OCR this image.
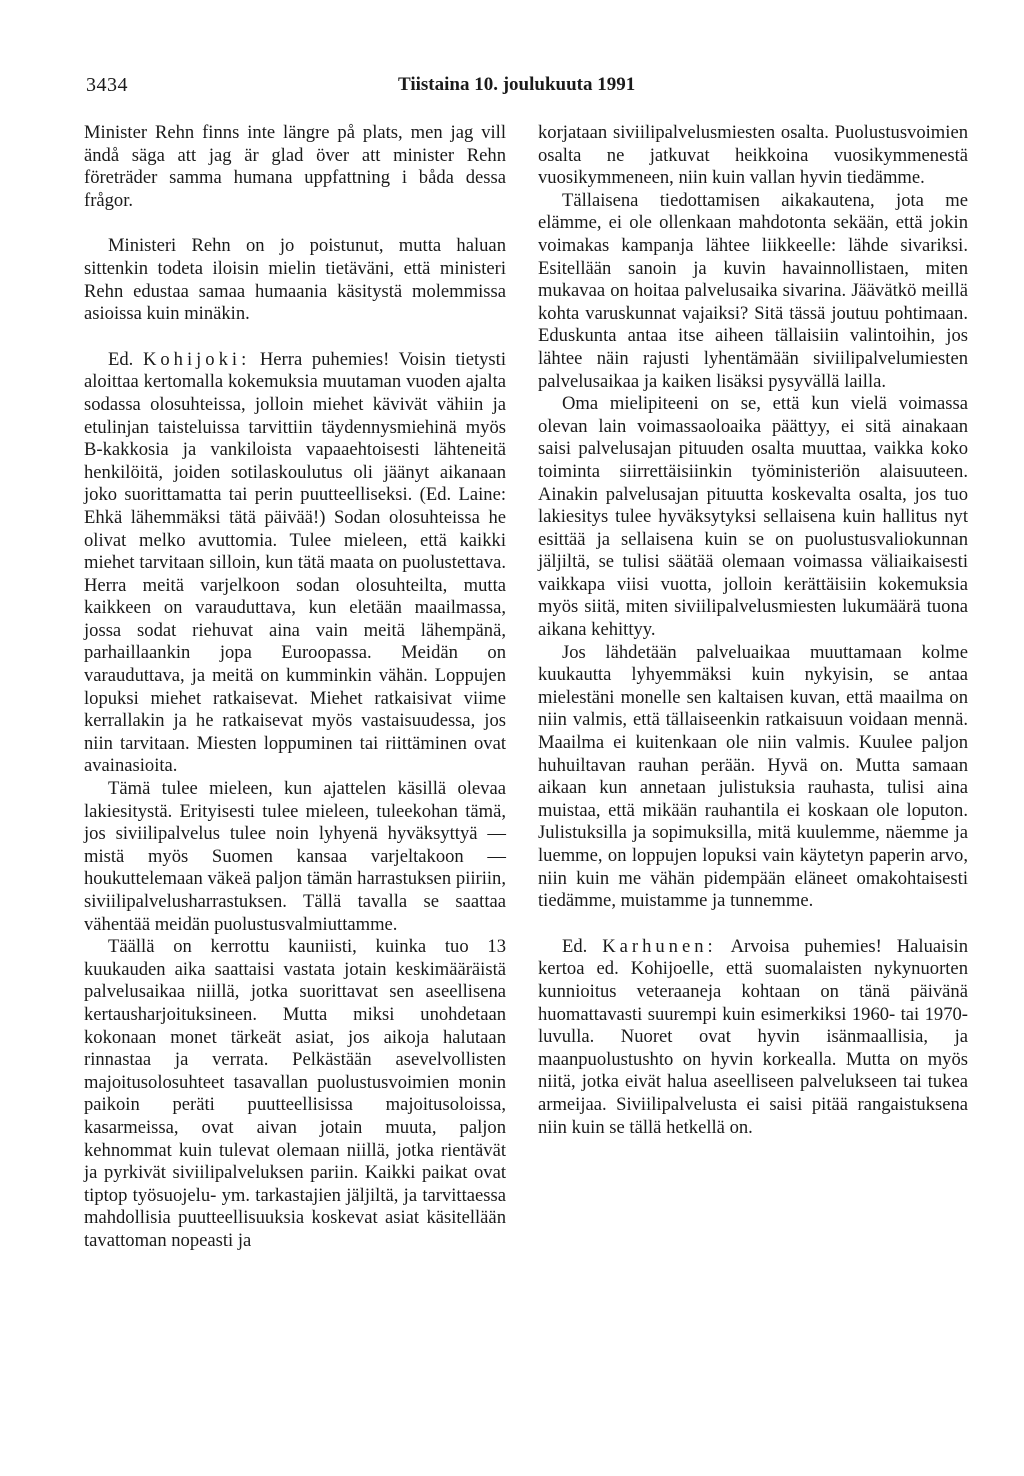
3434	Tiistaina 10. joulukuuta 1991

Minister Rehn finns inte längre på plats, men jag vill ändå säga att jag är glad över att minister Rehn företräder samma humana uppfattning i båda dessa frågor.

Ministeri Rehn on jo poistunut, mutta haluan sittenkin todeta iloisin mielin tietäväni, että ministeri Rehn edustaa samaa humaania käsitystä molemmissa asioissa kuin minäkin.

Ed. Kohijoki: Herra puhemies! Voisin tietysti aloittaa kertomalla kokemuksia muutaman vuoden ajalta sodassa olosuhteissa, jolloin miehet kävivät vähiin ja etulinjan taisteluissa tarvittiin täydennysmiehinä myös B-kakkosia ja vankiloista vapaaehtoisesti lähteneitä henkilöitä, joiden sotilaskoulutus oli jäänyt aikanaan joko suorittamatta tai perin puutteelliseksi. (Ed. Laine: Ehkä lähemmäksi tätä päivää!) Sodan olosuhteissa he olivat melko avuttomia. Tulee mieleen, että kaikki miehet tarvitaan silloin, kun tätä maata on puolustettava. Herra meitä varjelkoon sodan olosuhteilta, mutta kaikkeen on varauduttava, kun eletään maailmassa, jossa sodat riehuvat aina vain meitä lähempänä, parhaillaankin jopa Euroopassa. Meidän on varauduttava, ja meitä on kumminkin vähän. Loppujen lopuksi miehet ratkaisevat. Miehet ratkaisivat viime kerrallakin ja he ratkaisevat myös vastaisuudessa, jos niin tarvitaan. Miesten loppuminen tai riittäminen ovat avainasioita.

Tämä tulee mieleen, kun ajattelen käsillä olevaa lakiesitystä. Erityisesti tulee mieleen, tuleekohan tämä, jos siviilipalvelus tulee noin lyhyenä hyväksyttyä — mistä myös Suomen kansaa varjeltakoon — houkuttelemaan väkeä paljon tämän harrastuksen piiriin, siviilipalvelusharrastuksen. Tällä tavalla se saattaa vähentää meidän puolustusvalmiuttamme.

Täällä on kerrottu kauniisti, kuinka tuo 13 kuukauden aika saattaisi vastata jotain keskimääräistä palvelusaikaa niillä, jotka suorittavat sen aseellisena kertausharjoituksineen. Mutta miksi unohdetaan kokonaan monet tärkeät asiat, jos aikoja halutaan rinnastaa ja verrata. Pelkästään asevelvollisten majoitusolosuhteet tasavallan puolustusvoimien monin paikoin peräti puutteellisissa majoitusoloissa, kasarmeissa, ovat aivan jotain muuta, paljon kehnommat kuin tulevat olemaan niillä, jotka rientävät ja pyrkivät siviilipalveluksen pariin. Kaikki paikat ovat tiptop työsuojelu- ym. tarkastajien jäljiltä, ja tarvittaessa mahdollisia puutteellisuuksia koskevat asiat käsitellään tavattoman nopeasti ja

korjataan siviilipalvelusmiesten osalta. Puolustusvoimien osalta ne jatkuvat heikkoina vuosikymmenestä vuosikymmeneen, niin kuin vallan hyvin tiedämme.

Tällaisena tiedottamisen aikakautena, jota me elämme, ei ole ollenkaan mahdotonta sekään, että jokin voimakas kampanja lähtee liikkeelle: lähde sivariksi. Esitellään sanoin ja kuvin havainnollistaen, miten mukavaa on hoitaa palvelusaika sivarina. Jäävätkö meillä kohta varuskunnat vajaiksi? Sitä tässä joutuu pohtimaan. Eduskunta antaa itse aiheen tällaisiin valintoihin, jos lähtee näin rajusti lyhentämään siviilipalvelumiesten palvelusaikaa ja kaiken lisäksi pysyvällä lailla.

Oma mielipiteeni on se, että kun vielä voimassa olevan lain voimassaoloaika päättyy, ei sitä ainakaan saisi palvelusajan pituuden osalta muuttaa, vaikka koko toiminta siirrettäisiinkin työministeriön alaisuuteen. Ainakin palvelusajan pituutta koskevalta osalta, jos tuo lakiesitys tulee hyväksytyksi sellaisena kuin hallitus nyt esittää ja sellaisena kuin se on puolustusvaliokunnan jäljiltä, se tulisi säätää olemaan voimassa väliaikaisesti vaikkapa viisi vuotta, jolloin kerättäisiin kokemuksia myös siitä, miten siviilipalvelusmiesten lukumäärä tuona aikana kehittyy.

Jos lähdetään palveluaikaa muuttamaan kolme kuukautta lyhyemmäksi kuin nykyisin, se antaa mielestäni monelle sen kaltaisen kuvan, että maailma on niin valmis, että tällaiseenkin ratkaisuun voidaan mennä. Maailma ei kuitenkaan ole niin valmis. Kuulee paljon huhuiltavan rauhan perään. Hyvä on. Mutta samaan aikaan kun annetaan julistuksia rauhasta, tulisi aina muistaa, että mikään rauhantila ei koskaan ole loputon. Julistuksilla ja sopimuksilla, mitä kuulemme, näemme ja luemme, on loppujen lopuksi vain käytetyn paperin arvo, niin kuin me vähän pidempään eläneet omakohtaisesti tiedämme, muistamme ja tunnemme.

Ed. Karhunen: Arvoisa puhemies! Haluaisin kertoa ed. Kohijoelle, että suomalaisten nykynuorten kunnioitus veteraaneja kohtaan on tänä päivänä huomattavasti suurempi kuin esimerkiksi 1960- tai 1970-luvulla. Nuoret ovat hyvin isänmaallisia, ja maanpuolustushto on hyvin korkealla. Mutta on myös niitä, jotka eivät halua aseelliseen palvelukseen tai tukea armeijaa. Siviilipalvelusta ei saisi pitää rangaistuksena niin kuin se tällä hetkellä on.
